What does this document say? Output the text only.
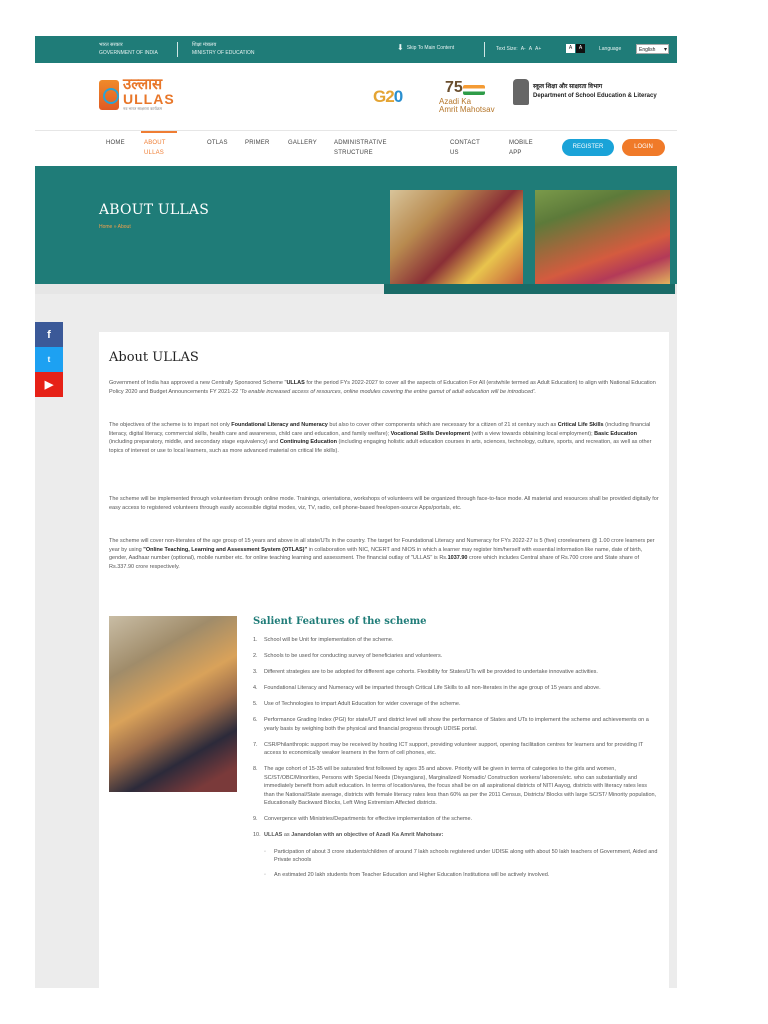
भारत सरकार
GOVERNMENT OF INDIA
शिक्षा मंत्रालय
MINISTRY OF EDUCATION
⬇ Skip To Main Content	Text Size: A- A A+	A	A	Language	English ▾
उल्लास
ULLAS
नव भारत साक्षरता कार्यक्रम
G20	75
Azadi Ka
Amrit Mahotsav
स्कूल शिक्षा और साक्षरता विभाग
Department of School Education & Literacy
HOME	ABOUT
ULLAS
OTLAS	PRIMER	GALLERY	ADMINISTRATIVE
STRUCTURE
CONTACT
US
MOBILE
APP
REGISTER	LOGIN
ABOUT ULLAS
Home » About
f
t
▶
About ULLAS

Government of India has approved a new Centrally Sponsored Scheme "ULLAS for the period FYs 2022-2027 to cover all the aspects of Education For All (erstwhile termed as Adult Education) to align with National Education Policy 2020 and Budget Announcements FY 2021-22 'To enable increased access of resources, online modules covering the entire gamut of adult education will be introduced'.

The objectives of the scheme is to impart not only Foundational Literacy and Numeracy but also to cover other components which are necessary for a citizen of 21 st century such as Critical Life Skills (including financial literacy, digital literacy, commercial skills, health care and awareness, child care and education, and family welfare); Vocational Skills Development (with a view towards obtaining local employment); Basic Education (including preparatory, middle, and secondary stage equivalency) and Continuing Education (including engaging holistic adult education courses in arts, sciences, technology, culture, sports, and recreation, as well as other topics of interest or use to local learners, such as more advanced material on critical life skills).

The scheme will be implemented through volunteerism through online mode. Trainings, orientations, workshops of volunteers will be organized through face-to-face mode. All material and resources shall be provided digitally for easy access to registered volunteers through easily accessible digital modes, viz, TV, radio, cell phone-based free/open-source Apps/portals, etc.

The scheme will cover non-literates of the age group of 15 years and above in all state/UTs in the country. The target for Foundational Literacy and Numeracy for FYs 2022-27 is 5 (five) crorelearners @ 1.00 crore learners per year by using "Online Teaching, Learning and Assessment System (OTLAS)" in collaboration with NIC, NCERT and NIOS in which a learner may register him/herself with essential information like name, date of birth, gender, Aadhaar number (optional), mobile number etc. for online teaching learning and assessment. The financial outlay of "ULLAS" is Rs.1037.90 crore which includes Central share of Rs.700 crore and State share of Rs.337.90 crore respectively.

Salient Features of the scheme
1. School will be Unit for implementation of the scheme.
2. Schools to be used for conducting survey of beneficiaries and volunteers.
3. Different strategies are to be adopted for different age cohorts. Flexibility for States/UTs will be provided to undertake innovative activities.
4. Foundational Literacy and Numeracy will be imparted through Critical Life Skills to all non-literates in the age group of 15 years and above.
5. Use of Technologies to impart Adult Education for wider coverage of the scheme.
6. Performance Grading Index (PGI) for state/UT and district level will show the performance of States and UTs to implement the scheme and achievements on a yearly basis by weighing both the physical and financial progress through UDISE portal.
7. CSR/Philanthropic support may be received by hosting ICT support, providing volunteer support, opening facilitation centres for learners and for providing IT access to economically weaker learners in the form of cell phones, etc.
8. The age cohort of 15-35 will be saturated first followed by ages 35 and above. Priority will be given in terms of categories to the girls and women, SC/ST/OBC/Minorities, Persons with Special Needs (Divyangjans), Marginalized/ Nomadic/ Construction workers/ laborers/etc. who can substantially and immediately benefit from adult education. In terms of location/area, the focus shall be on all aspirational districts of NITI Aayog, districts with literacy rates less than the National/State average, districts with female literacy rates less than 60% as per the 2011 Census, Districts/ Blocks with large SC/ST/ Minority population, Educationally Backward Blocks, Left Wing Extremism Affected districts.
9. Convergence with Ministries/Departments for effective implementation of the scheme.
10. ULLAS as Janandolan with an objective of Azadi Ka Amrit Mahotsav:
◦ Participation of about 3 crore students/children of around 7 lakh schools registered under UDISE along with about 50 lakh teachers of Government, Aided and Private schools
◦ An estimated 20 lakh students from Teacher Education and Higher Education Institutions will be actively involved.
